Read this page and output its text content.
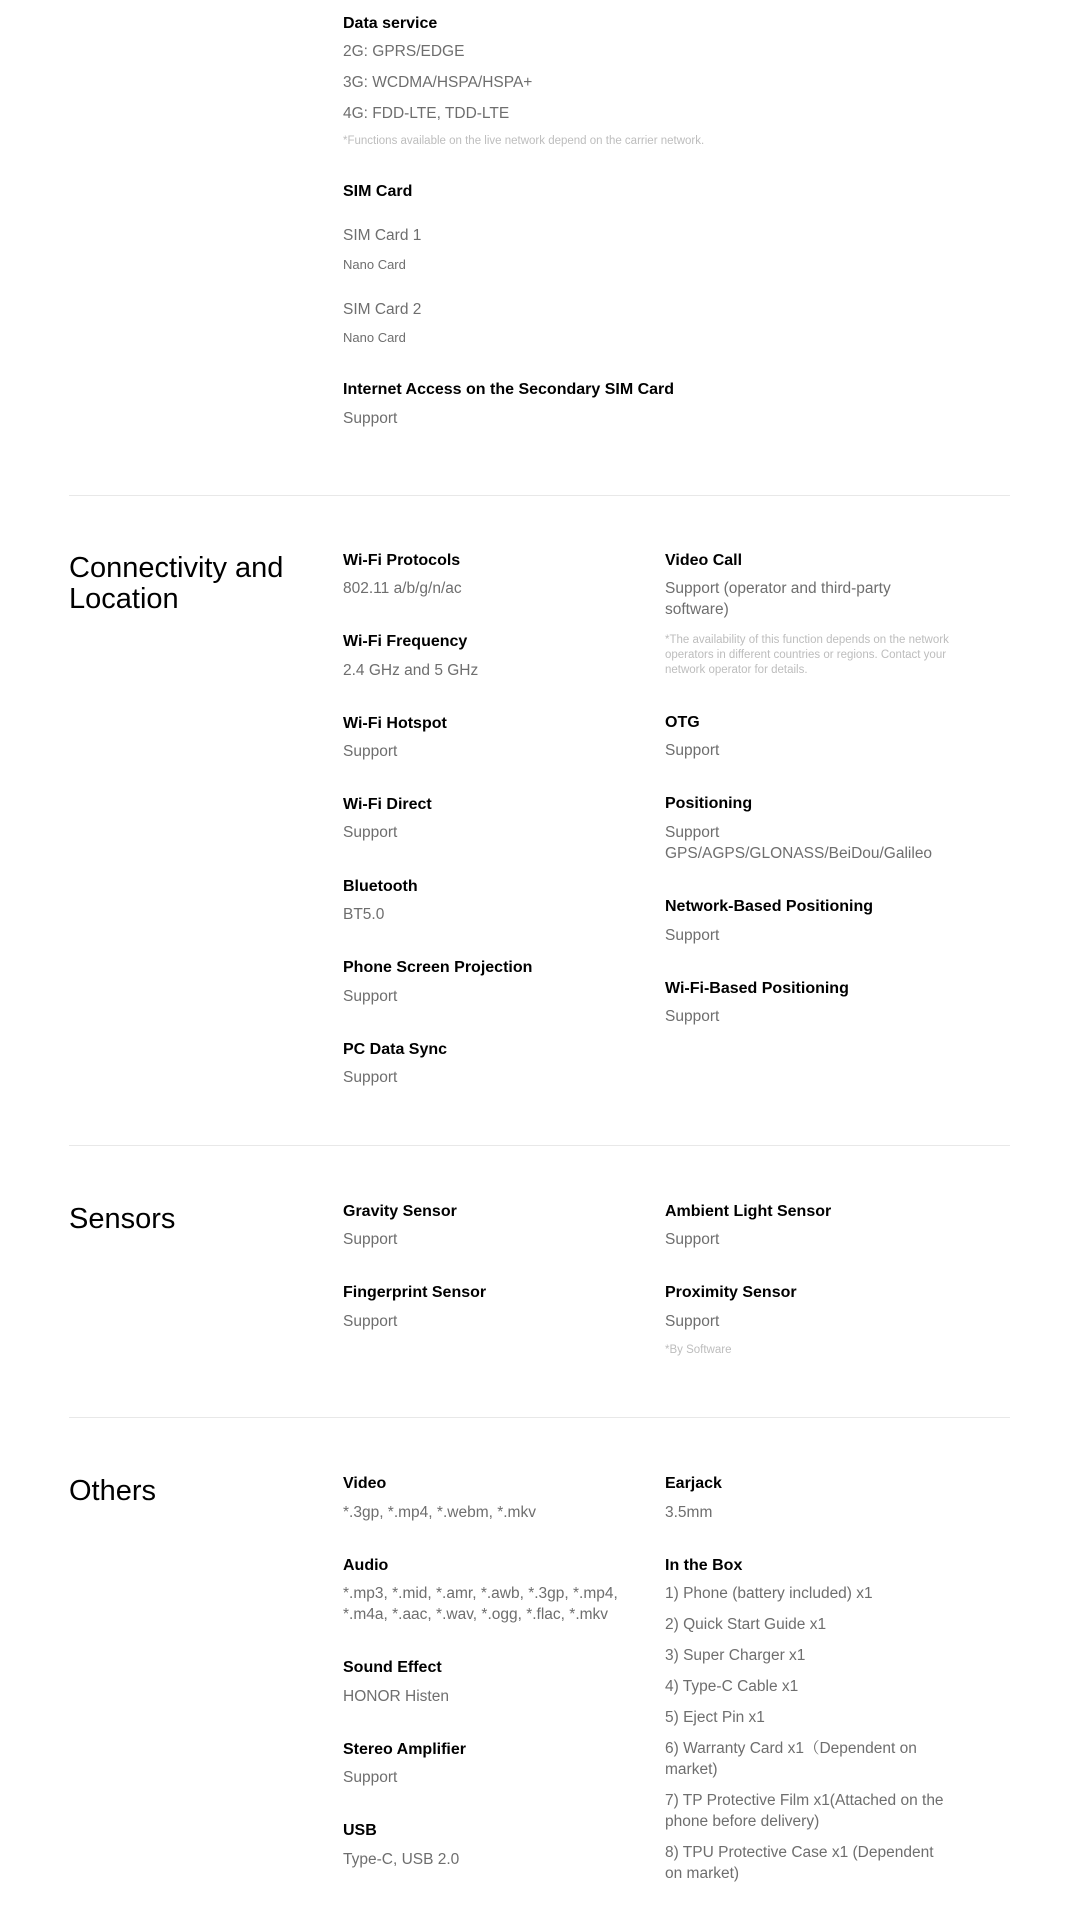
Data service
2G: GPRS/EDGE
3G: WCDMA/HSPA/HSPA+
4G: FDD-LTE, TDD-LTE
*Functions available on the live network depend on the carrier network.
SIM Card
SIM Card 1
Nano Card
SIM Card 2
Nano Card
Internet Access on the Secondary SIM Card
Support
Connectivity and Location
Wi-Fi Protocols
802.11 a/b/g/n/ac
Wi-Fi Frequency
2.4 GHz and 5 GHz
Wi-Fi Hotspot
Support
Wi-Fi Direct
Support
Bluetooth
BT5.0
Phone Screen Projection
Support
PC Data Sync
Support
Video Call
Support (operator and third-party software)
*The availability of this function depends on the network operators in different countries or regions. Contact your network operator for details.
OTG
Support
Positioning
Support GPS/AGPS/GLONASS/BeiDou/Galileo
Network-Based Positioning
Support
Wi-Fi-Based Positioning
Support
Sensors	Gravity Sensor
Support
Fingerprint Sensor
Support
Ambient Light Sensor
Support
Proximity Sensor
Support
*By Software
Others	Video
*.3gp, *.mp4, *.webm, *.mkv
Audio
*.mp3, *.mid, *.amr, *.awb, *.3gp, *.mp4, *.m4a, *.aac, *.wav, *.ogg, *.flac, *.mkv
Sound Effect
HONOR Histen
Stereo Amplifier
Support
USB
Type-C, USB 2.0
Earjack
3.5mm
In the Box
1) Phone (battery included) x1
2) Quick Start Guide x1
3) Super Charger x1
4) Type-C Cable x1
5) Eject Pin x1
6) Warranty Card x1（Dependent on market)
7) TP Protective Film x1(Attached on the phone before delivery)
8) TPU Protective Case x1 (Dependent on market)
